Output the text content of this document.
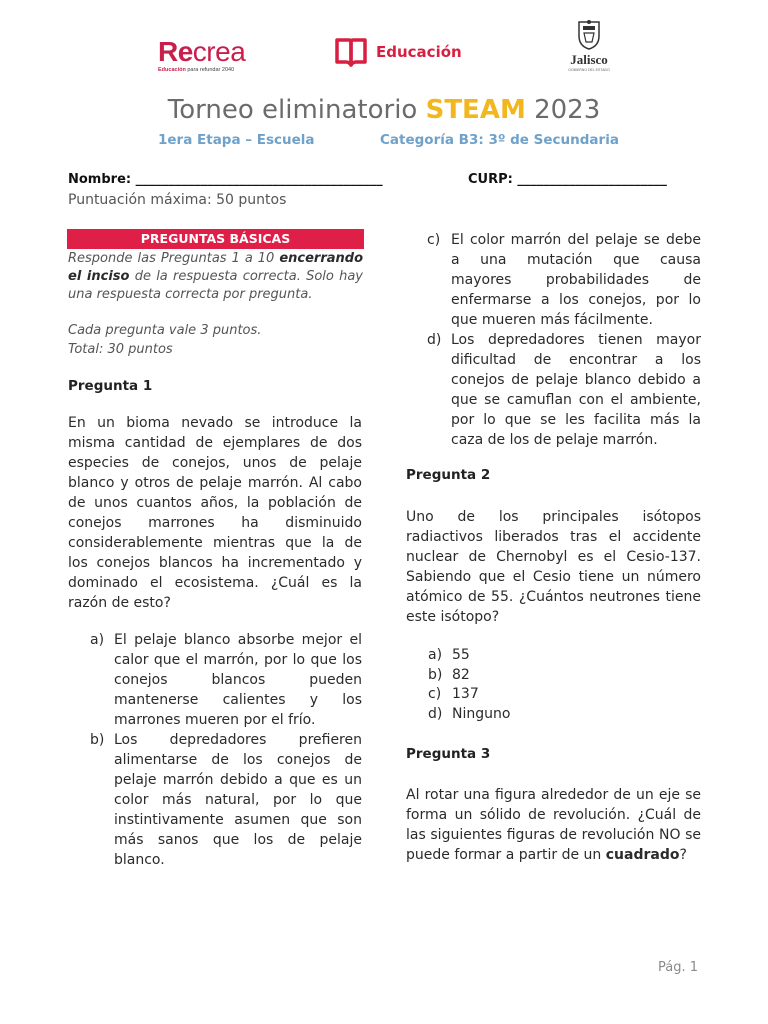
Recrea
Educación para refundar 2040
Educación	Jalisco
GOBIERNO DEL ESTADO
Torneo eliminatorio STEAM 2023
1era Etapa – Escuela	Categoría B3: 3º de Secundaria
Nombre: ______________________________________	CURP: _______________________
Puntuación máxima: 50 puntos
PREGUNTAS BÁSICAS
Responde las Preguntas 1 a 10 encerrando el inciso de la respuesta correcta. Solo hay una respuesta correcta por pregunta.
Cada pregunta vale 3 puntos.
Total: 30 puntos
Pregunta 1
En un bioma nevado se introduce la misma cantidad de ejemplares de dos especies de conejos, unos de pelaje blanco y otros de pelaje marrón. Al cabo de unos cuantos años, la población de conejos marrones ha disminuido considerablemente mientras que la de los conejos blancos ha incrementado y dominado el ecosistema. ¿Cuál es la razón de esto?
a) El pelaje blanco absorbe mejor el calor que el marrón, por lo que los conejos blancos pueden mantenerse calientes y los marrones mueren por el frío.
b) Los depredadores prefieren alimentarse de los conejos de pelaje marrón debido a que es un color más natural, por lo que instintivamente asumen que son más sanos que los de pelaje blanco.
c) El color marrón del pelaje se debe a una mutación que causa mayores probabilidades de enfermarse a los conejos, por lo que mueren más fácilmente.
d) Los depredadores tienen mayor dificultad de encontrar a los conejos de pelaje blanco debido a que se camuflan con el ambiente, por lo que se les facilita más la caza de los de pelaje marrón.
Pregunta 2
Uno de los principales isótopos radiactivos liberados tras el accidente nuclear de Chernobyl es el Cesio-137. Sabiendo que el Cesio tiene un número atómico de 55. ¿Cuántos neutrones tiene este isótopo?
a) 55
b) 82
c) 137
d) Ninguno
Pregunta 3
Al rotar una figura alrededor de un eje se forma un sólido de revolución. ¿Cuál de las siguientes figuras de revolución NO se puede formar a partir de un cuadrado?
Pág. 1
